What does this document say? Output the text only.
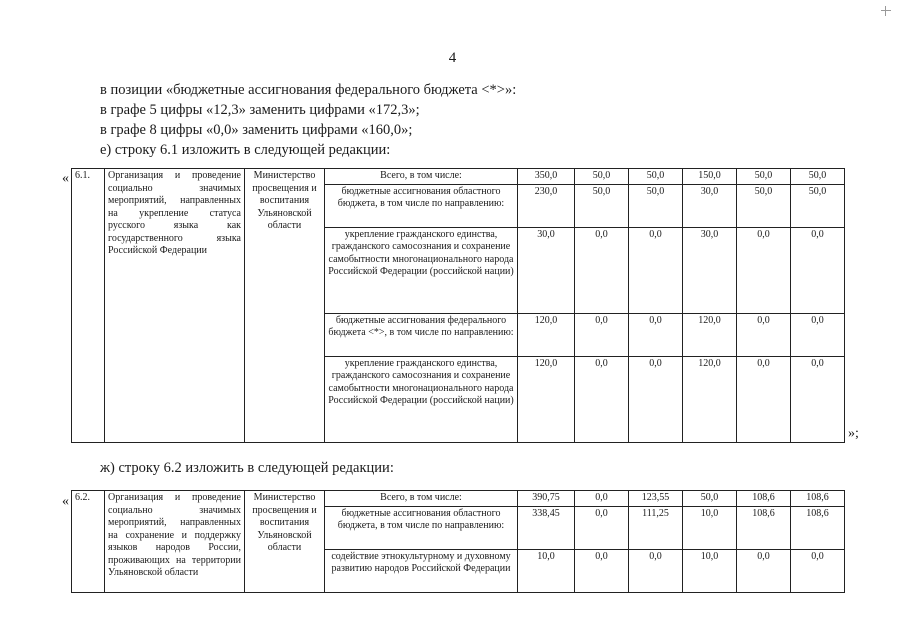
4
в позиции «бюджетные ассигнования федерального бюджета <*>»:
в графе 5 цифры «12,3» заменить цифрами «172,3»;
в графе 8 цифры «0,0» заменить цифрами «160,0»;
е) строку 6.1 изложить в следующей редакции:
« 6.1.	Организация и проведение социально значимых мероприятий, направленных на укрепление статуса русского языка как государственного языка Российской Федерации	Министерство просвещения и воспитания Ульяновской области	Всего, в том числе:	350,0	50,0	50,0	150,0	50,0	50,0
			бюджетные ассигнования областного бюджета, в том числе по направлению:	230,0	50,0	50,0	30,0	50,0	50,0
			укрепление гражданского единства, гражданского самосознания и сохранение самобытности многонационального народа Российской Федерации (российской нации)	30,0	0,0	0,0	30,0	0,0	0,0
			бюджетные ассигнования федерального бюджета <*>, в том числе по направлению:	120,0	0,0	0,0	120,0	0,0	0,0
			укрепление гражданского единства, гражданского самосознания и сохранение самобытности многонационального народа Российской Федерации (российской нации)	120,0	0,0	0,0	120,0	0,0	0,0
»;
ж) строку 6.2 изложить в следующей редакции:
« 6.2.	Организация и проведение социально значимых мероприятий, направленных на сохранение и поддержку языков народов России, проживающих на территории Ульяновской области	Министерство просвещения и воспитания Ульяновской области	Всего, в том числе:	390,75	0,0	123,55	50,0	108,6	108,6
			бюджетные ассигнования областного бюджета, в том числе по направлению:	338,45	0,0	111,25	10,0	108,6	108,6
			содействие этнокультурному и духовному развитию народов Российской Федерации	10,0	0,0	0,0	10,0	0,0	0,0
